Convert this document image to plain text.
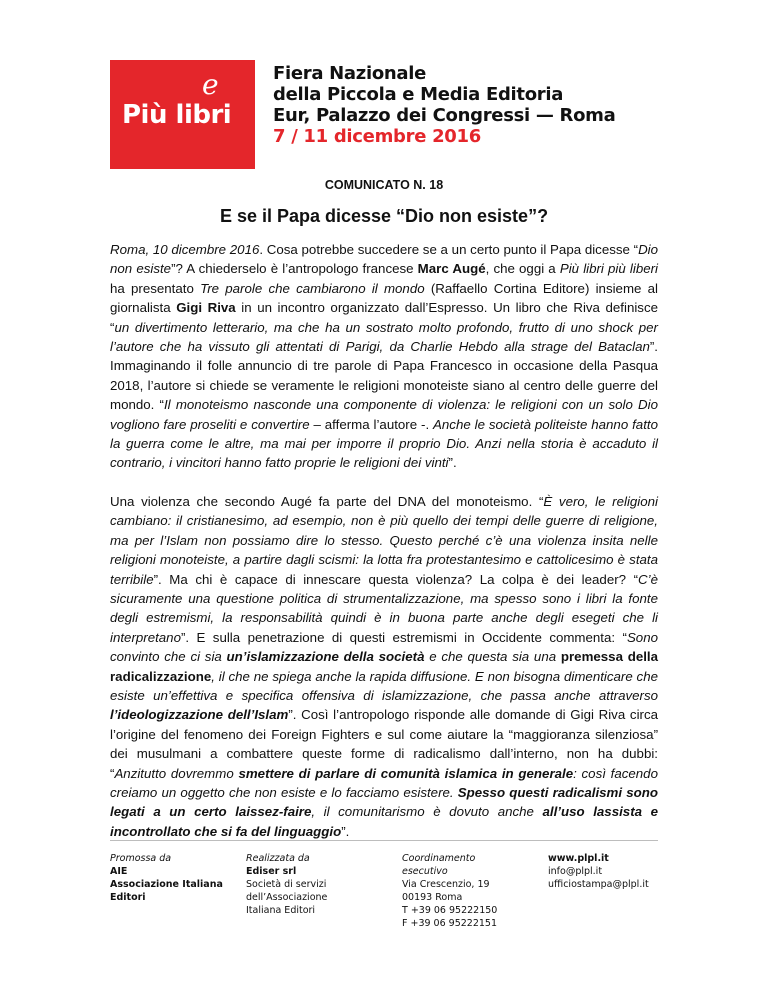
e
Più libri
Fiera Nazionale
della Piccola e Media Editoria
Eur, Palazzo dei Congressi — Roma
7 / 11 dicembre 2016
COMUNICATO N. 18
E se il Papa dicesse “Dio non esiste”?

Roma, 10 dicembre 2016. Cosa potrebbe succedere se a un certo punto il Papa dicesse “Dio non esiste”? A chiederselo è l’antropologo francese Marc Augé, che oggi a Più libri più liberi ha presentato Tre parole che cambiarono il mondo (Raffaello Cortina Editore) insieme al giornalista Gigi Riva in un incontro organizzato dall’Espresso. Un libro che Riva definisce “un divertimento letterario, ma che ha un sostrato molto profondo, frutto di uno shock per l’autore che ha vissuto gli attentati di Parigi, da Charlie Hebdo alla strage del Bataclan”. Immaginando il folle annuncio di tre parole di Papa Francesco in occasione della Pasqua 2018, l’autore si chiede se veramente le religioni monoteiste siano al centro delle guerre del mondo. “Il monoteismo nasconde una componente di violenza: le religioni con un solo Dio vogliono fare proseliti e convertire – afferma l’autore -. Anche le società politeiste hanno fatto la guerra come le altre, ma mai per imporre il proprio Dio. Anzi nella storia è accaduto il contrario, i vincitori hanno fatto proprie le religioni dei vinti”.

Una violenza che secondo Augé fa parte del DNA del monoteismo. “È vero, le religioni cambiano: il cristianesimo, ad esempio, non è più quello dei tempi delle guerre di religione, ma per l’Islam non possiamo dire lo stesso. Questo perché c’è una violenza insita nelle religioni monoteiste, a partire dagli scismi: la lotta fra protestantesimo e cattolicesimo è stata terribile”. Ma chi è capace di innescare questa violenza? La colpa è dei leader? “C’è sicuramente una questione politica di strumentalizzazione, ma spesso sono i libri la fonte degli estremismi, la responsabilità quindi è in buona parte anche degli esegeti che li interpretano”. E sulla penetrazione di questi estremismi in Occidente commenta: “Sono convinto che ci sia un’islamizzazione della società e che questa sia una premessa della radicalizzazione, il che ne spiega anche la rapida diffusione. E non bisogna dimenticare che esiste un’effettiva e specifica offensiva di islamizzazione, che passa anche attraverso l’ideologizzazione dell’Islam”. Così l’antropologo risponde alle domande di Gigi Riva circa l’origine del fenomeno dei Foreign Fighters e sul come aiutare la “maggioranza silenziosa” dei musulmani a combattere queste forme di radicalismo dall’interno, non ha dubbi: “Anzitutto dovremmo smettere di parlare di comunità islamica in generale: così facendo creiamo un oggetto che non esiste e lo facciamo esistere. Spesso questi radicalismi sono legati a un certo laissez-faire, il comunitarismo è dovuto anche all’uso lassista e incontrollato che si fa del linguaggio”.

Promossa da
AIE
Associazione Italiana
Editori
Realizzata da
Ediser srl
Società di servizi
dell’Associazione
Italiana Editori
Coordinamento
esecutivo
Via Crescenzio, 19
00193 Roma
T +39 06 95222150
F +39 06 95222151
www.plpl.it
info@plpl.it
ufficiostampa@plpl.it
